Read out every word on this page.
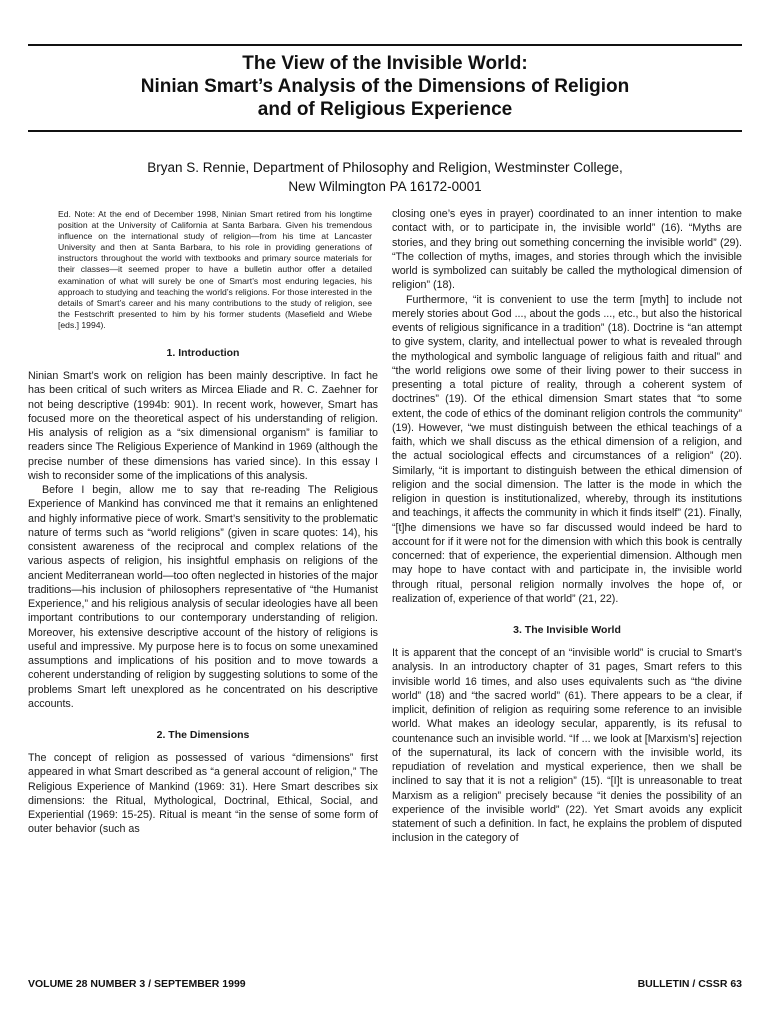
The View of the Invisible World:
Ninian Smart’s Analysis of the Dimensions of Religion
and of Religious Experience
Bryan S. Rennie, Department of Philosophy and Religion, Westminster College,
New Wilmington PA 16172-0001

Ed. Note: At the end of December 1998, Ninian Smart retired from his longtime position at the University of California at Santa Barbara. Given his tremendous influence on the international study of religion—from his time at Lancaster University and then at Santa Barbara, to his role in providing generations of instructors throughout the world with textbooks and primary source materials for their classes—it seemed proper to have a bulletin author offer a detailed examination of what will surely be one of Smart’s most enduring legacies, his approach to studying and teaching the world’s religions. For those interested in the details of Smart’s career and his many contributions to the study of religion, see the Festschrift presented to him by his former students (Masefield and Wiebe [eds.] 1994).

1. Introduction

Ninian Smart’s work on religion has been mainly descriptive. In fact he has been critical of such writers as Mircea Eliade and R. C. Zaehner for not being descriptive (1994b: 901). In recent work, however, Smart has focused more on the theoretical aspect of his understanding of religion. His analysis of religion as a “six dimensional organism” is familiar to readers since The Religious Experience of Mankind in 1969 (although the precise number of these dimensions has varied since). In this essay I wish to reconsider some of the implications of this analysis.

Before I begin, allow me to say that re-reading The Religious Experience of Mankind has convinced me that it remains an enlightened and highly informative piece of work. Smart’s sensitivity to the problematic nature of terms such as “world religions” (given in scare quotes: 14), his consistent awareness of the reciprocal and complex relations of the various aspects of religion, his insightful emphasis on religions of the ancient Mediterranean world—too often neglected in histories of the major traditions—his inclusion of philosophers representative of “the Humanist Experience,” and his religious analysis of secular ideologies have all been important contributions to our contemporary understanding of religion. Moreover, his extensive descriptive account of the history of religions is useful and impressive. My purpose here is to focus on some unexamined assumptions and implications of his position and to move towards a coherent understanding of religion by suggesting solutions to some of the problems Smart left unexplored as he concentrated on his descriptive accounts.

2. The Dimensions

The concept of religion as possessed of various “dimensions” first appeared in what Smart described as “a general account of religion,” The Religious Experience of Mankind (1969: 31). Here Smart describes six dimensions: the Ritual, Mythological, Doctrinal, Ethical, Social, and Experiential (1969: 15-25). Ritual is meant “in the sense of some form of outer behavior (such as

closing one’s eyes in prayer) coordinated to an inner intention to make contact with, or to participate in, the invisible world” (16). “Myths are stories, and they bring out something concerning the invisible world” (29). “The collection of myths, images, and stories through which the invisible world is symbolized can suitably be called the mythological dimension of religion” (18).

Furthermore, “it is convenient to use the term [myth] to include not merely stories about God ..., about the gods ..., etc., but also the historical events of religious significance in a tradition” (18). Doctrine is “an attempt to give system, clarity, and intellectual power to what is revealed through the mythological and symbolic language of religious faith and ritual” and “the world religions owe some of their living power to their success in presenting a total picture of reality, through a coherent system of doctrines” (19). Of the ethical dimension Smart states that “to some extent, the code of ethics of the dominant religion controls the community” (19). However, “we must distinguish between the ethical teachings of a faith, which we shall discuss as the ethical dimension of a religion, and the actual sociological effects and circumstances of a religion” (20). Similarly, “it is important to distinguish between the ethical dimension of religion and the social dimension. The latter is the mode in which the religion in question is institutionalized, whereby, through its institutions and teachings, it affects the community in which it finds itself” (21). Finally, “[t]he dimensions we have so far discussed would indeed be hard to account for if it were not for the dimension with which this book is centrally concerned: that of experience, the experiential dimension. Although men may hope to have contact with and participate in, the invisible world through ritual, personal religion normally involves the hope of, or realization of, experience of that world” (21, 22).

3. The Invisible World

It is apparent that the concept of an “invisible world” is crucial to Smart’s analysis. In an introductory chapter of 31 pages, Smart refers to this invisible world 16 times, and also uses equivalents such as “the divine world” (18) and “the sacred world” (61). There appears to be a clear, if implicit, definition of religion as requiring some reference to an invisible world. What makes an ideology secular, apparently, is its refusal to countenance such an invisible world. “If ... we look at [Marxism’s] rejection of the supernatural, its lack of concern with the invisible world, its repudiation of revelation and mystical experience, then we shall be inclined to say that it is not a religion” (15). “[I]t is unreasonable to treat Marxism as a religion” precisely because “it denies the possibility of an experience of the invisible world” (22). Yet Smart avoids any explicit statement of such a definition. In fact, he explains the problem of disputed inclusion in the category of

VOLUME 28 NUMBER 3 / SEPTEMBER 1999	BULLETIN / CSSR 63
